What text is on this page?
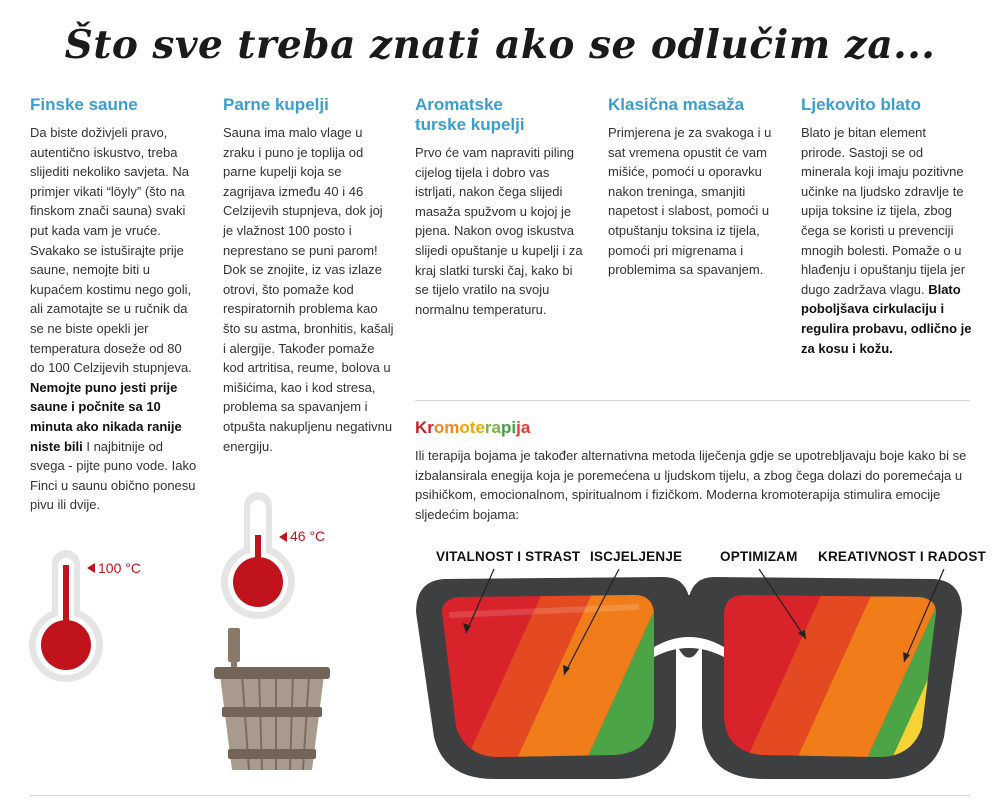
Što sve treba znati ako se odlučim za...
Finske saune

Da biste doživjeli pravo, autentično iskustvo, treba slijediti nekoliko savjeta. Na primjer vikati “löyly” (što na finskom znači sauna) svaki put kada vam je vruće. Svakako se istuširajte prije saune, nemojte biti u kupaćem kostimu nego goli, ali zamotajte se u ručnik da se ne biste opekli jer temperatura doseže od 80 do 100 Celzijevih stupnjeva. Nemojte puno jesti prije saune i počnite sa 10 minuta ako nikada ranije niste bili I najbitnije od svega - pijte puno vode. Iako Finci u saunu obično ponesu pivu ili dvije.

Parne kupelji

Sauna ima malo vlage u zraku i puno je toplija od parne kupelji koja se zagrijava između 40 i 46 Celzijevih stupnjeva, dok joj je vlažnost 100 posto i neprestano se puni parom! Dok se znojite, iz vas izlaze otrovi, što pomaže kod respiratornih problema kao što su astma, bronhitis, kašalj i alergije. Također pomaže kod artritisa, reume, bolova u mišićima, kao i kod stresa, problema sa spavanjem i otpušta nakupljenu negativnu energiju.

Aromatske
turske kupelji

Prvo će vam napraviti piling cijelog tijela i dobro vas istrljati, nakon čega slijedi masaža spužvom u kojoj je pjena. Nakon ovog iskustva slijedi opuštanje u kupelji i za kraj slatki turski čaj, kako bi se tijelo vratilo na svoju normalnu temperaturu.

Klasična masaža

Primjerena je za svakoga i u sat vremena opustit će vam mišiće, pomoći u oporavku nakon treninga, smanjiti napetost i slabost, pomoći u otpuštanju toksina iz tijela, pomoći pri migrenama i problemima sa spavanjem.

Ljekovito blato

Blato je bitan element prirode. Sastoji se od minerala koji imaju pozitivne učinke na ljudsko zdravlje te upija toksine iz tijela, zbog čega se koristi u prevenciji mnogih bolesti. Pomaže o u hlađenju i opuštanju tijela jer dugo zadržava vlagu. Blato poboljšava cirkulaciju i regulira probavu, odlično je za kosu i kožu.

100 °C
46 °C

Kromoterapija

Ili terapija bojama je također alternativna metoda liječenja gdje se upotrebljavaju boje kako bi se izbalansirala enegija koja je poremećena u ljudskom tijelu, a zbog čega dolazi do poremećaja u psihičkom, emocionalnom, spiritualnom i fizičkom. Moderna kromoterapija stimulira emocije sljedećim bojama:

VITALNOST I STRAST ISCJELJENJE	OPTIMIZAM KREATIVNOST I RADOST
